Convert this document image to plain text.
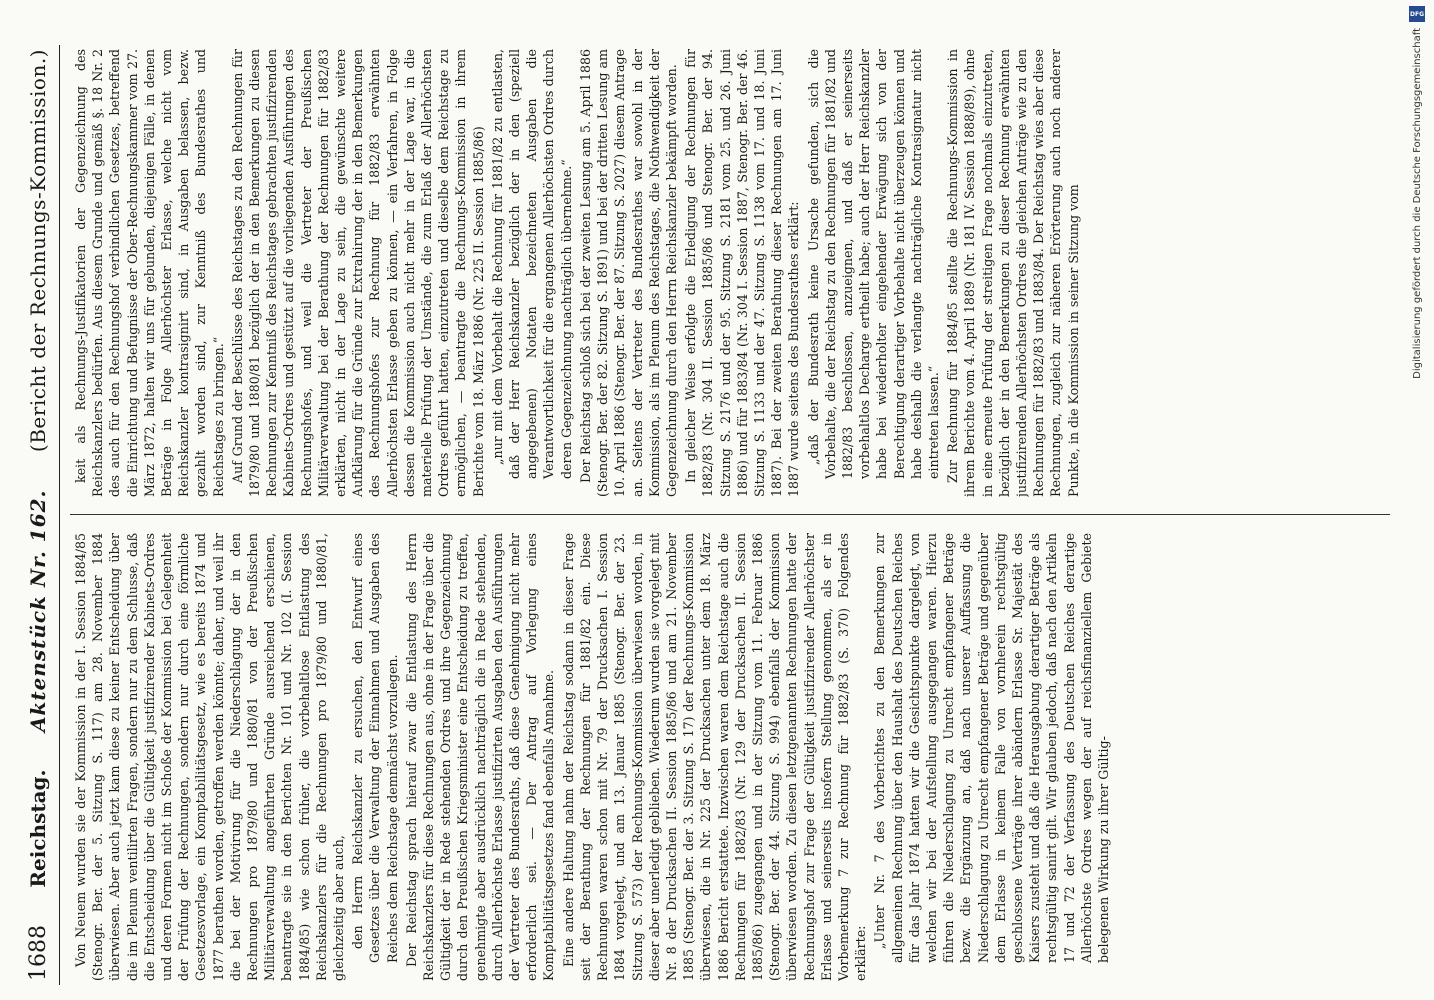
1688
Reichstag.
Aktenstück Nr. 162.
(Bericht der Rechnungs-Kommission.)

Von Neuem wurden sie der Kommission in der I. Session 1884/85 (Stenogr. Ber. der 5. Sitzung S. 117) am 28. November 1884 überwiesen. Aber auch jetzt kam diese zu keiner Entscheidung über die im Plenum ventilirten Fragen, sondern nur zu dem Schlusse, daß die Entscheidung über die Gültigkeit justifizirender Kabinets-Ordres und deren Formen nicht im Schoße der Kommission bei Gelegenheit der Prüfung der Rechnungen, sondern nur durch eine förmliche Gesetzesvorlage, ein Komptabilitätsgesetz, wie es bereits 1874 und 1877 berathen worden, getroffen werden könnte; daher, und weil ihr die bei der Motivirung für die Niederschlagung der in den Rechnungen pro 1879/80 und 1880/81 von der Preußischen Militärverwaltung angeführten Gründe ausreichend erschienen, beantragte sie in den Berichten Nr. 101 und Nr. 102 (I. Session 1884/85) wie schon früher, die vorbehaltlose Entlastung des Reichskanzlers für die Rechnungen pro 1879/80 und 1880/81, gleichzeitig aber auch, den Herrn Reichskanzler zu ersuchen, den Entwurf eines Gesetzes über die Verwaltung der Einnahmen und Ausgaben des Reiches dem Reichstage demnächst vorzulegen. Der Reichstag sprach hierauf zwar die Entlastung des Herrn Reichskanzlers für diese Rechnungen aus, ohne in der Frage über die Gültigkeit der in Rede stehenden Ordres und ihre Gegenzeichnung durch den Preußischen Kriegsminister eine Entscheidung zu treffen, genehmigte aber ausdrücklich nachträglich die in Rede stehenden, durch Allerhöchste Erlasse justifizirten Ausgaben den Ausführungen der Vertreter des Bundesraths, daß diese Genehmigung nicht mehr erforderlich sei. — Der Antrag auf Vorlegung eines Komptabilitätsgesetzes fand ebenfalls Annahme. Eine andere Haltung nahm der Reichstag sodann in dieser Frage seit der Berathung der Rechnungen für 1881/82 ein. Diese Rechnungen waren schon mit Nr. 79 der Drucksachen I. Session 1884 vorgelegt, und am 13. Januar 1885 (Stenogr. Ber. der 23. Sitzung S. 573) der Rechnungs-Kommission überwiesen worden, in dieser aber unerledigt geblieben. Wiederum wurden sie vorgelegt mit Nr. 8 der Drucksachen II. Session 1885/86 und am 21. November 1885 (Stenogr. Ber. der 3. Sitzung S. 17) der Rechnungs-Kommission überwiesen, die in Nr. 225 der Drucksachen unter dem 18. März 1886 Bericht erstattete. Inzwischen waren dem Reichstage auch die Rechnungen für 1882/83 (Nr. 129 der Drucksachen II. Session 1885/86) zugegangen und in der Sitzung vom 11. Februar 1886 (Stenogr. Ber. der 44. Sitzung S. 994) ebenfalls der Kommission überwiesen worden. Zu diesen letztgenannten Rechnungen hatte der Rechnungshof zur Frage der Gültigkeit justifizirender Allerhöchster Erlasse und seinerseits insofern Stellung genommen, als er in Vorbemerkung 7 zur Rechnung für 1882/83 (S. 370) Folgendes erklärte:

„Unter Nr. 7 des Vorberichtes zu den Bemerkungen zur allgemeinen Rechnung über den Haushalt des Deutschen Reiches für das Jahr 1874 hatten wir die Gesichtspunkte dargelegt, von welchen wir bei der Aufstellung ausgegangen waren. Hierzu führen die Niederschlagung zu Unrecht empfangener Beträge bezw. die Ergänzung an, daß nach unserer Auffassung die Niederschlagung zu Unrecht empfangener Beträge und gegenüber dem Erlasse in keinem Falle von vornherein rechtsgültig geschlossene Verträge ihrer abändern Erlasse Sr. Majestät des Kaisers zusteht und daß die Herausgabung derartiger Beträge als rechtsgültig sanirt gilt. Wir glauben jedoch, daß nach den Artikeln 17 und 72 der Verfassung des Deutschen Reiches derartige Allerhöchste Ordres wegen der auf reichsfinanziellem Gebiete belegenen Wirkung zu ihrer Gültig-

keit als Rechnungs-Justifikatorien der Gegenzeichnung des Reichskanzlers bedürfen. Aus diesem Grunde und gemäß §. 18 Nr. 2 des auch für den Rechnungshof verbindlichen Gesetzes, betreffend die Einrichtung und Befugnisse der Ober-Rechnungskammer vom 27. März 1872, halten wir uns für gebunden, diejenigen Fälle, in denen Beträge in Folge Allerhöchster Erlasse, welche nicht vom Reichskanzler kontrasignirt sind, in Ausgaben belassen, bezw. gezahlt worden sind, zur Kenntniß des Bundesrathes und Reichstages zu bringen.“ Auf Grund der Beschlüsse des Reichstages zu den Rechnungen für 1879/80 und 1880/81 bezüglich der in den Bemerkungen zu diesen Rechnungen zur Kenntniß des Reichstages gebrachten justifizirenden Kabinets-Ordres und gestützt auf die vorliegenden Ausführungen des Rechnungshofes, und weil die Vertreter der Preußischen Militärverwaltung bei der Berathung der Rechnungen für 1882/83 erklärten, nicht in der Lage zu sein, die gewünschte weitere Aufklärung für die Gründe zur Extrahirung der in den Bemerkungen des Rechnungshofes zur Rechnung für 1882/83 erwähnten Allerhöchsten Erlasse geben zu können, — ein Verfahren, in Folge dessen die Kommission auch nicht mehr in der Lage war, in die materielle Prüfung der Umstände, die zum Erlaß der Allerhöchsten Ordres geführt hatten, einzutreten und dieselbe dem Reichstage zu ermöglichen, — beantragte die Rechnungs-Kommission in ihrem Berichte vom 18. März 1886 (Nr. 225 II. Session 1885/86) „nur mit dem Vorbehalt die Rechnung für 1881/82 zu entlasten, daß der Herr Reichskanzler bezüglich der in den (speziell angegebenen) Notaten bezeichneten Ausgaben die Verantwortlichkeit für die ergangenen Allerhöchsten Ordres durch deren Gegenzeichnung nachträglich übernehme.“ Der Reichstag schloß sich bei der zweiten Lesung am 5. April 1886 (Stenogr. Ber. der 82. Sitzung S. 1891) und bei der dritten Lesung am 10. April 1886 (Stenogr. Ber. der 87. Sitzung S. 2027) diesem Antrage an. Seitens der Vertreter des Bundesrathes war sowohl in der Kommission, als im Plenum des Reichstages, die Nothwendigkeit der Gegenzeichnung durch den Herrn Reichskanzler bekämpft worden. In gleicher Weise erfolgte die Erledigung der Rechnungen für 1882/83 (Nr. 304 II. Session 1885/86 und Stenogr. Ber. der 94. Sitzung S. 2176 und der 95. Sitzung S. 2181 vom 25. und 26. Juni 1886) und für 1883/84 (Nr. 304 I. Session 1887, Stenogr. Ber. der 46. Sitzung S. 1133 und der 47. Sitzung S. 1138 vom 17. und 18. Juni 1887). Bei der zweiten Berathung dieser Rechnungen am 17. Juni 1887 wurde seitens des Bundesrathes erklärt: „daß der Bundesrath keine Ursache gefunden, sich die Vorbehalte, die der Reichstag zu den Rechnungen für 1881/82 und 1882/83 beschlossen, anzueignen, und daß er seinerseits vorbehaltlos Decharge ertheilt habe; auch der Herr Reichskanzler habe bei wiederholter eingehender Erwägung sich von der Berechtigung derartiger Vorbehalte nicht überzeugen können und habe deshalb die verlangte nachträgliche Kontrasignatur nicht eintreten lassen.“ Zur Rechnung für 1884/85 stellte die Rechnungs-Kommission in ihrem Berichte vom 4. April 1889 (Nr. 181 IV. Session 1888/89), ohne in eine erneute Prüfung der streitigen Frage nochmals einzutreten, bezüglich der in den Bemerkungen zu dieser Rechnung erwähnten justifizirenden Allerhöchsten Ordres die gleichen Anträge wie zu den Rechnungen für 1882/83 und 1883/84. Der Reichstag wies aber diese Rechnungen, zugleich zur näheren Erörterung auch noch anderer Punkte, in die Kommission in seiner Sitzung vom

DFG
Digitalisierung gefördert durch die Deutsche Forschungsgemeinschaft
